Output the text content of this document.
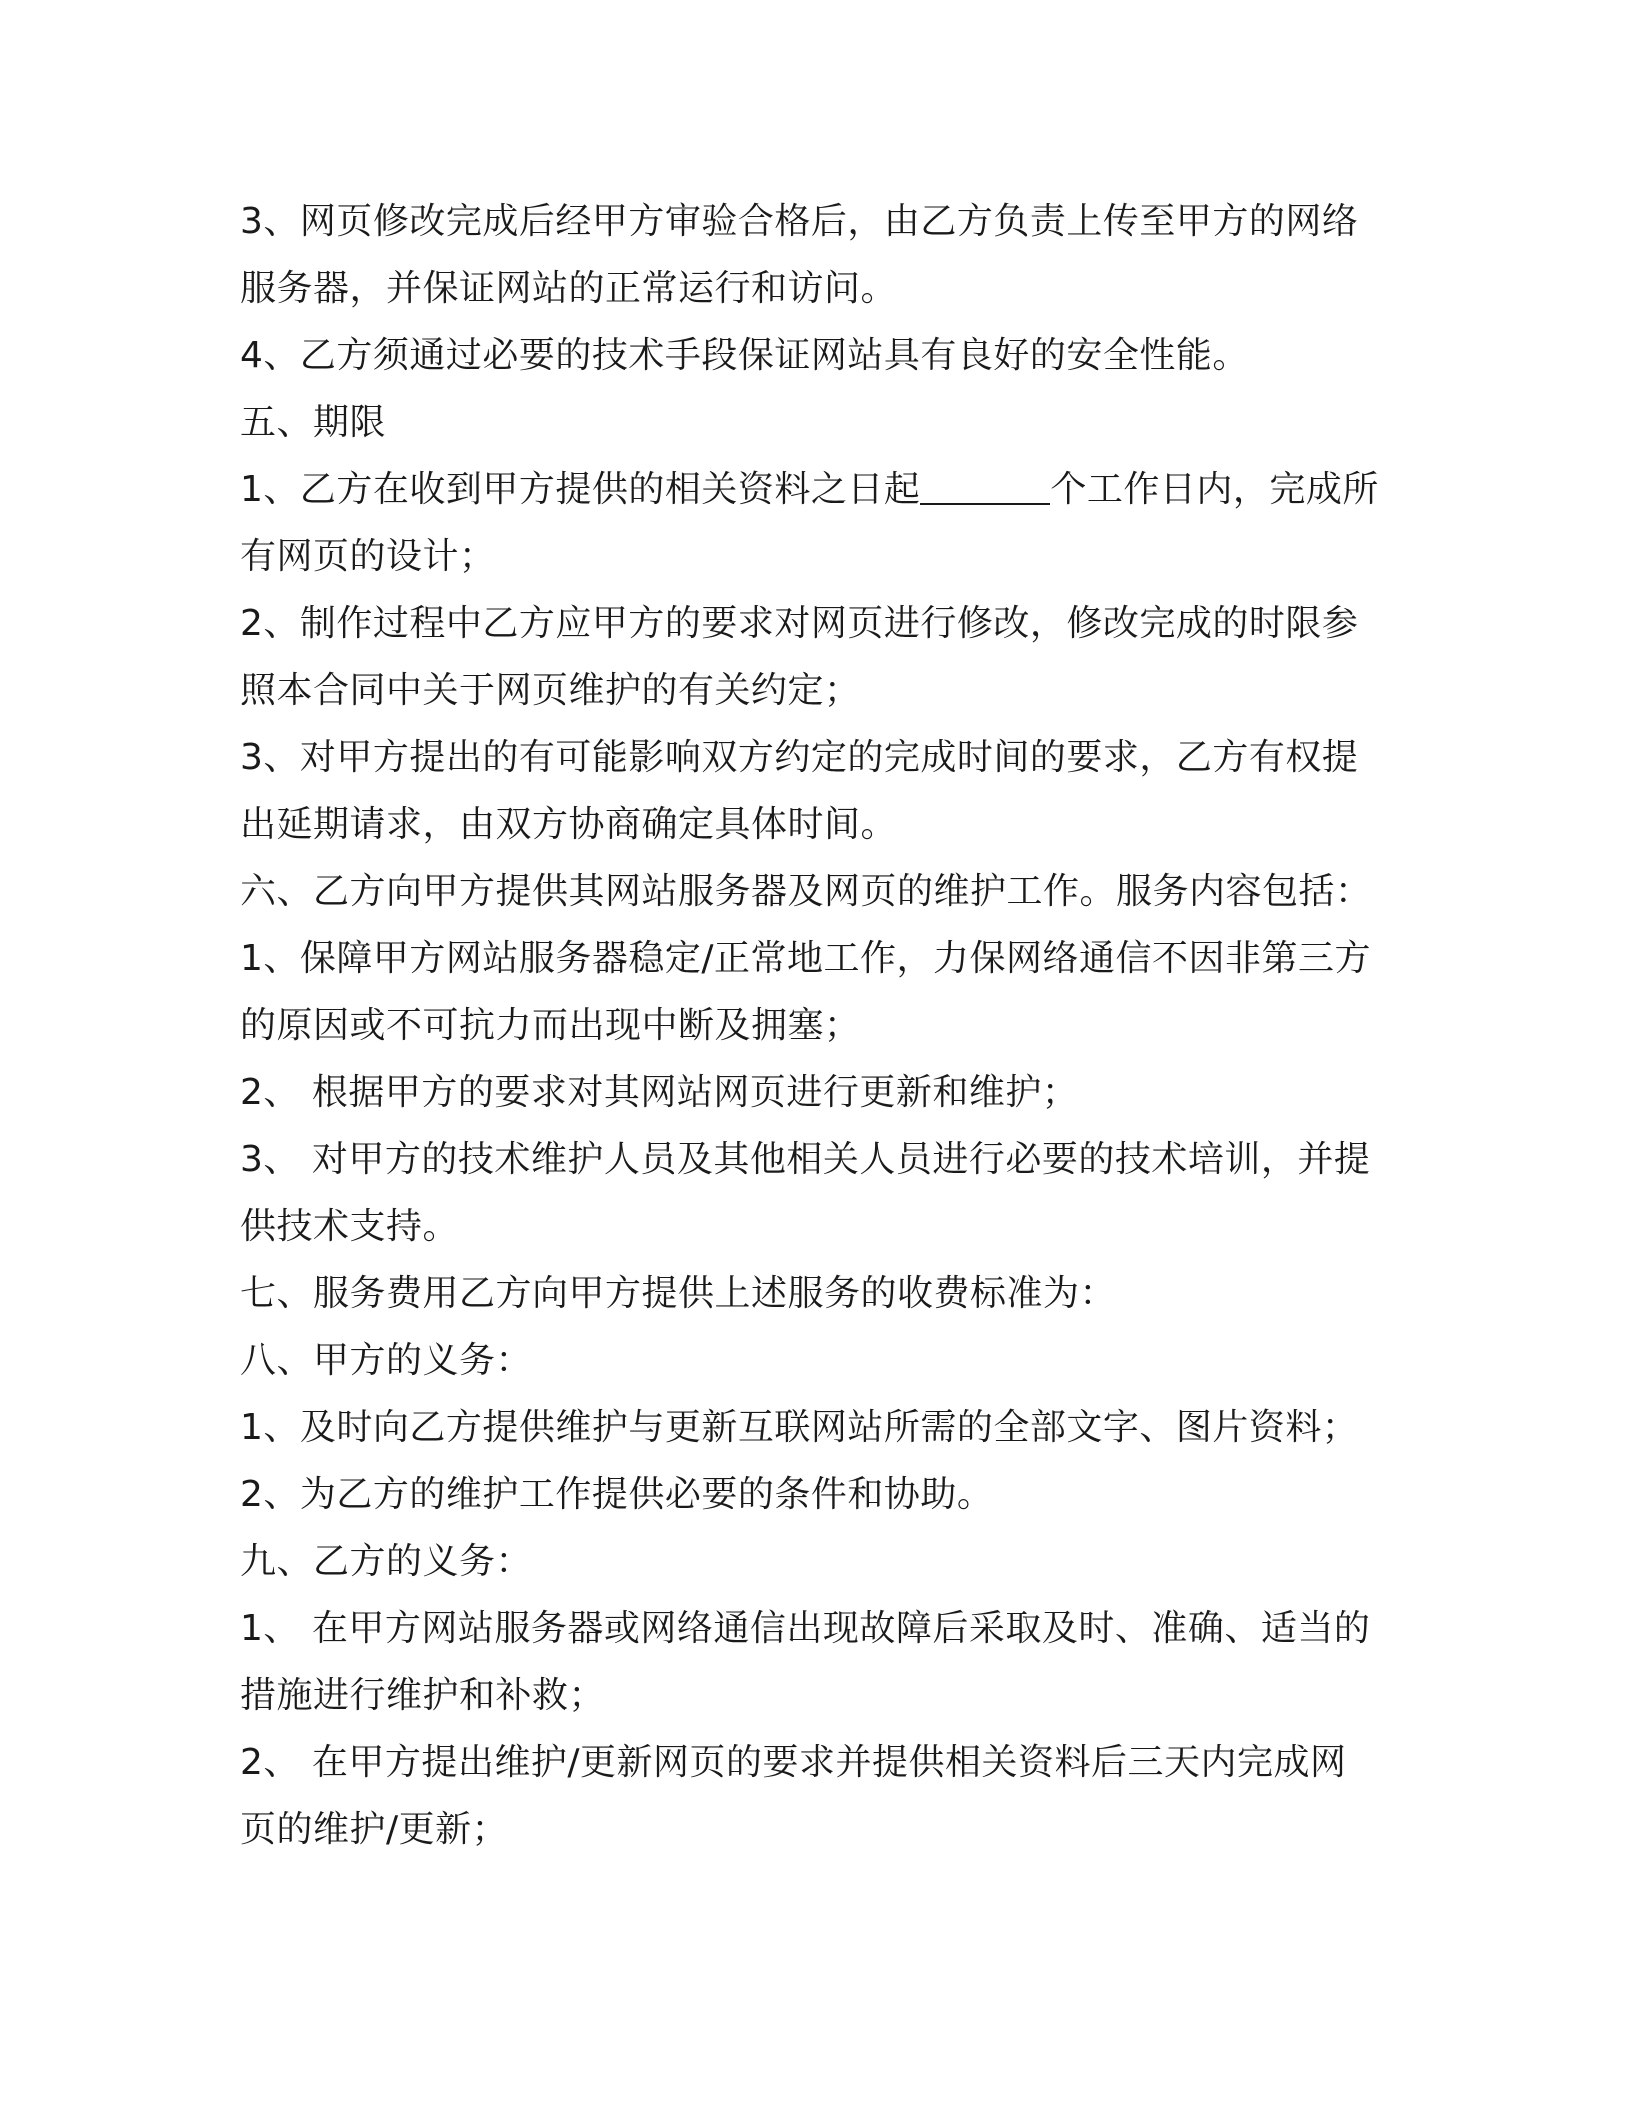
3、网页修改完成后经甲方审验合格后，由乙方负责上传至甲方的网络
服务器，并保证网站的正常运行和访问。
4、乙方须通过必要的技术手段保证网站具有良好的安全性能。
五、期限
1、乙方在收到甲方提供的相关资料之日起	个工作日内，完成所
有网页的设计；
2、制作过程中乙方应甲方的要求对网页进行修改，修改完成的时限参
照本合同中关于网页维护的有关约定；
3、对甲方提出的有可能影响双方约定的完成时间的要求，乙方有权提
出延期请求，由双方协商确定具体时间。
六、乙方向甲方提供其网站服务器及网页的维护工作。服务内容包括：
1、保障甲方网站服务器稳定/正常地工作，力保网络通信不因非第三方
的原因或不可抗力而出现中断及拥塞；
2、 根据甲方的要求对其网站网页进行更新和维护；
3、 对甲方的技术维护人员及其他相关人员进行必要的技术培训，并提
供技术支持。
七、服务费用乙方向甲方提供上述服务的收费标准为：
八、甲方的义务：
1、及时向乙方提供维护与更新互联网站所需的全部文字、图片资料；
2、为乙方的维护工作提供必要的条件和协助。
九、乙方的义务：
1、 在甲方网站服务器或网络通信出现故障后采取及时、准确、适当的
措施进行维护和补救；
2、 在甲方提出维护/更新网页的要求并提供相关资料后三天内完成网
页的维护/更新；
